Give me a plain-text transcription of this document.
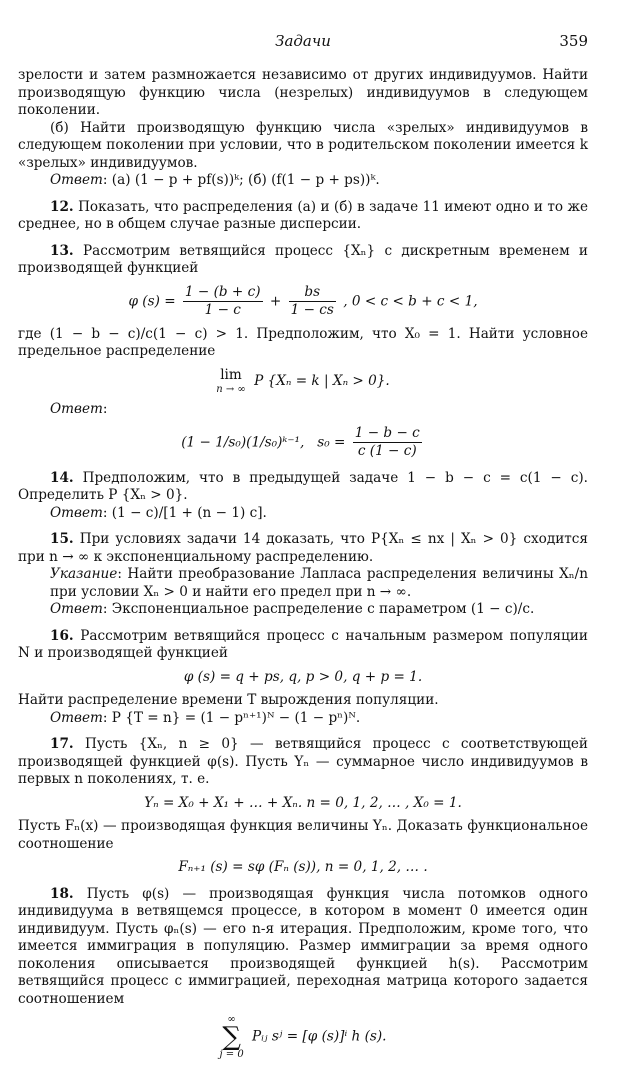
Задачи	359

зрелости и затем размножается независимо от других индивидуумов. Найти производящую функцию числа (незрелых) индивидуумов в следующем поколении.

(б) Найти производящую функцию числа «зрелых» индивидуумов в следующем поколении при условии, что в родительском поколении имеется k «зрелых» индивидуумов.

Ответ: (а) (1 − p + pf(s))ᵏ; (б) (f(1 − p + ps))ᵏ.

12. Показать, что распределения (а) и (б) в задаче 11 имеют одно и то же среднее, но в общем случае разные дисперсии.

13. Рассмотрим ветвящийся процесс {Xₙ} с дискретным временем и производящей функцией

φ $(s) = \frac{1 - (b + c)}{1 - c} + \frac{bs}{1 - cs}$ , 0 < c < b + c < 1,

где (1 − b − c)/c(1 − c) > 1. Предположим, что X₀ = 1. Найти условное предельное распределение

lim
n → ∞
P {Xₙ = k | Xₙ > 0}.

Ответ:

(1 − 1/s₀)(1/s₀)ᵏ⁻¹, $s_0 = \frac{1 - b - c}{c (1 - c)}$

14. Предположим, что в предыдущей задаче 1 − b − c = c(1 − c). Определить P {Xₙ > 0}.

Ответ: (1 − c)/[1 + (n − 1) c].

15. При условиях задачи 14 доказать, что P{Xₙ ≤ nx | Xₙ > 0} сходится при n → ∞ к экспоненциальному распределению.

Указание: Найти преобразование Лапласа распределения величины Xₙ/n при условии Xₙ > 0 и найти его предел при n → ∞.

Ответ: Экспоненциальное распределение с параметром (1 − c)/c.

16. Рассмотрим ветвящийся процесс с начальным размером популяции N и производящей функцией

φ (s) = q + ps, q, p > 0, q + p = 1.

Найти распределение времени T вырождения популяции.

Ответ: P {T = n} = (1 − pⁿ⁺¹)ᴺ − (1 − pⁿ)ᴺ.

17. Пусть {Xₙ, n ≥ 0} — ветвящийся процесс с соответствующей производящей функцией φ(s). Пусть Yₙ — суммарное число индивидуумов в первых n поколениях, т. е.

Yₙ = X₀ + X₁ + … + Xₙ. n = 0, 1, 2, … , X₀ = 1.

Пусть Fₙ(x) — производящая функция величины Yₙ. Доказать функциональное соотношение

Fₙ₊₁ (s) = sφ (Fₙ (s)), n = 0, 1, 2, … .

18. Пусть φ(s) — производящая функция числа потомков одного индивидуума в ветвящемся процессе, в котором в момент 0 имеется один индивидуум. Пусть φₙ(s) — его n-я итерация. Предположим, кроме того, что имеется иммиграция в популяцию. Размер иммиграции за время одного поколения описывается производящей функцией h(s). Рассмотрим ветвящийся процесс с иммиграцией, переходная матрица которого задается соотношением

∞
∑
j = 0
Pᵢⱼ sʲ = [φ (s)]ⁱ h (s).
